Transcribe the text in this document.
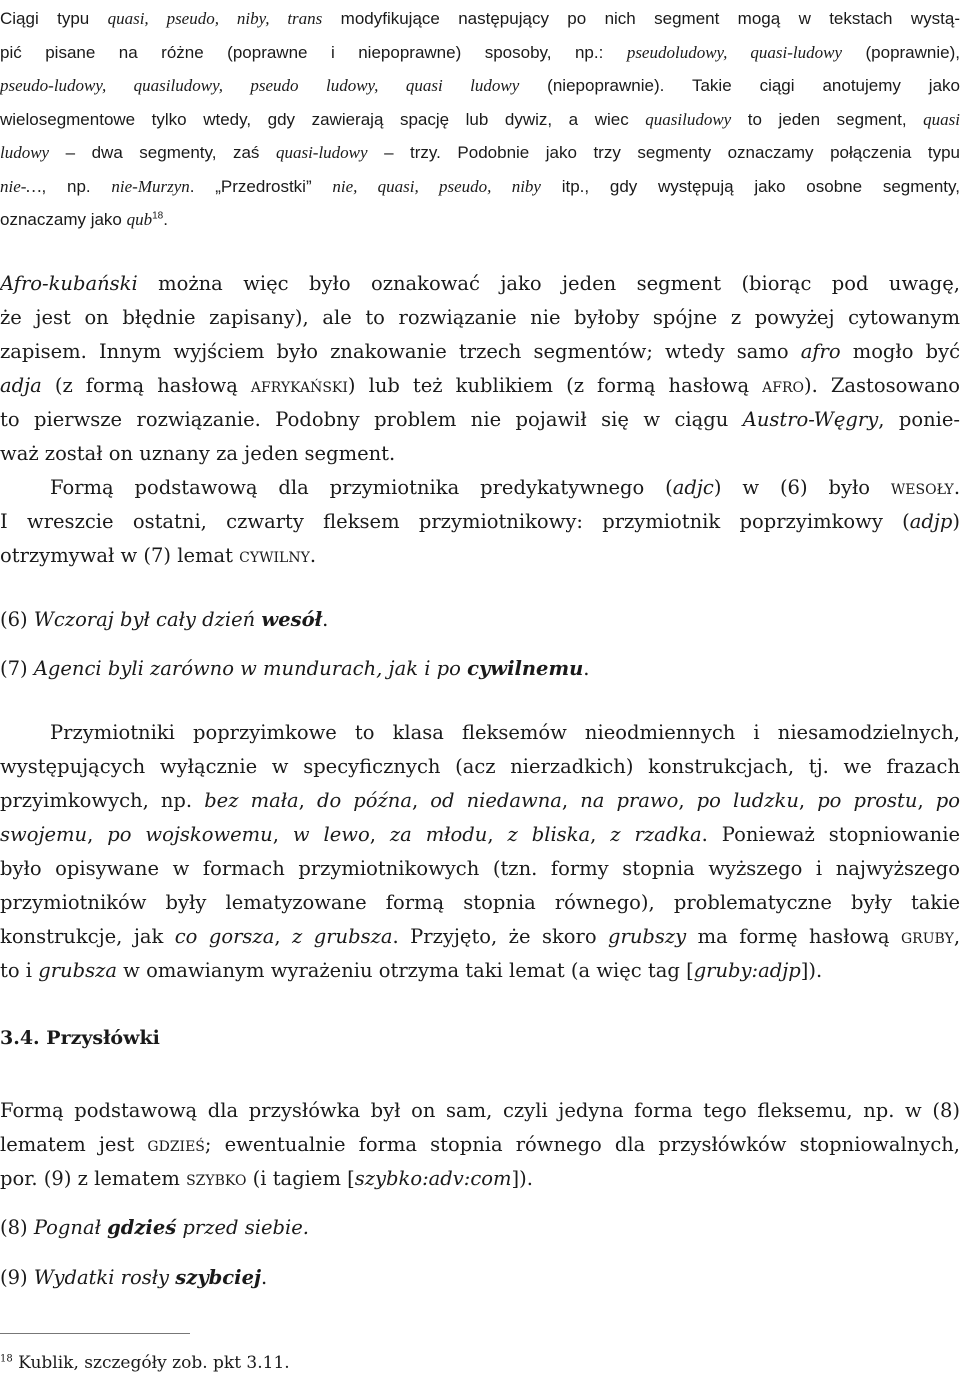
Ciągi typu quasi, pseudo, niby, trans modyfikujące następujący po nich segment mogą w tekstach wystą-
pić pisane na różne (poprawne i niepoprawne) sposoby, np.: pseudoludowy, quasi-ludowy (poprawnie),
pseudo-ludowy, quasiludowy, pseudo ludowy, quasi ludowy (niepoprawnie). Takie ciągi anotujemy jako
wielosegmentowe tylko wtedy, gdy zawierają spację lub dywiz, a wiec quasiludowy to jeden segment, quasi
ludowy – dwa segmenty, zaś quasi-ludowy – trzy. Podobnie jako trzy segmenty oznaczamy połączenia typu
nie-…, np. nie-Murzyn. „Przedrostki” nie, quasi, pseudo, niby itp., gdy występują jako osobne segmenty,
oznaczamy jako qub$^{18}$.
Afro-kubański można więc było oznakować jako jeden segment (biorąc pod uwagę,
że jest on błędnie zapisany), ale to rozwiązanie nie byłoby spójne z powyżej cytowanym
zapisem. Innym wyjściem było znakowanie trzech segmentów; wtedy samo afro mogło być
adja (z formą hasłową afrykański) lub też kublikiem (z formą hasłową afro). Zastosowano
to pierwsze rozwiązanie. Podobny problem nie pojawił się w ciągu Austro-Węgry, ponie-
waż został on uznany za jeden segment.
Formą podstawową dla przymiotnika predykatywnego (adjc) w (6) było wesoły.
I wreszcie ostatni, czwarty fleksem przymiotnikowy: przymiotnik poprzyimkowy (adjp)
otrzymywał w (7) lemat cywilny.
(6) Wczoraj był cały dzień wesół.
(7) Agenci byli zarówno w mundurach, jak i po cywilnemu.
Przymiotniki poprzyimkowe to klasa fleksemów nieodmiennych i niesamodzielnych,
występujących wyłącznie w specyficznych (acz nierzadkich) konstrukcjach, tj. we frazach
przyimkowych, np. bez mała, do późna, od niedawna, na prawo, po ludzku, po prostu, po
swojemu, po wojskowemu, w lewo, za młodu, z bliska, z rzadka. Ponieważ stopniowanie
było opisywane w formach przymiotnikowych (tzn. formy stopnia wyższego i najwyższego
przymiotników były lematyzowane formą stopnia równego), problematyczne były takie
konstrukcje, jak co gorsza, z grubsza. Przyjęto, że skoro grubszy ma formę hasłową gruby,
to i grubsza w omawianym wyrażeniu otrzyma taki lemat (a więc tag [gruby:adjp]).
3.4. Przysłówki
Formą podstawową dla przysłówka był on sam, czyli jedyna forma tego fleksemu, np. w (8)
lematem jest gdzieś; ewentualnie forma stopnia równego dla przysłówków stopniowalnych,
por. (9) z lematem szybko (i tagiem [szybko:adv:com]).
(8) Pognał gdzieś przed siebie.
(9) Wydatki rosły szybciej.
$^{18}$ Kublik, szczegóły zob. pkt 3.11.
